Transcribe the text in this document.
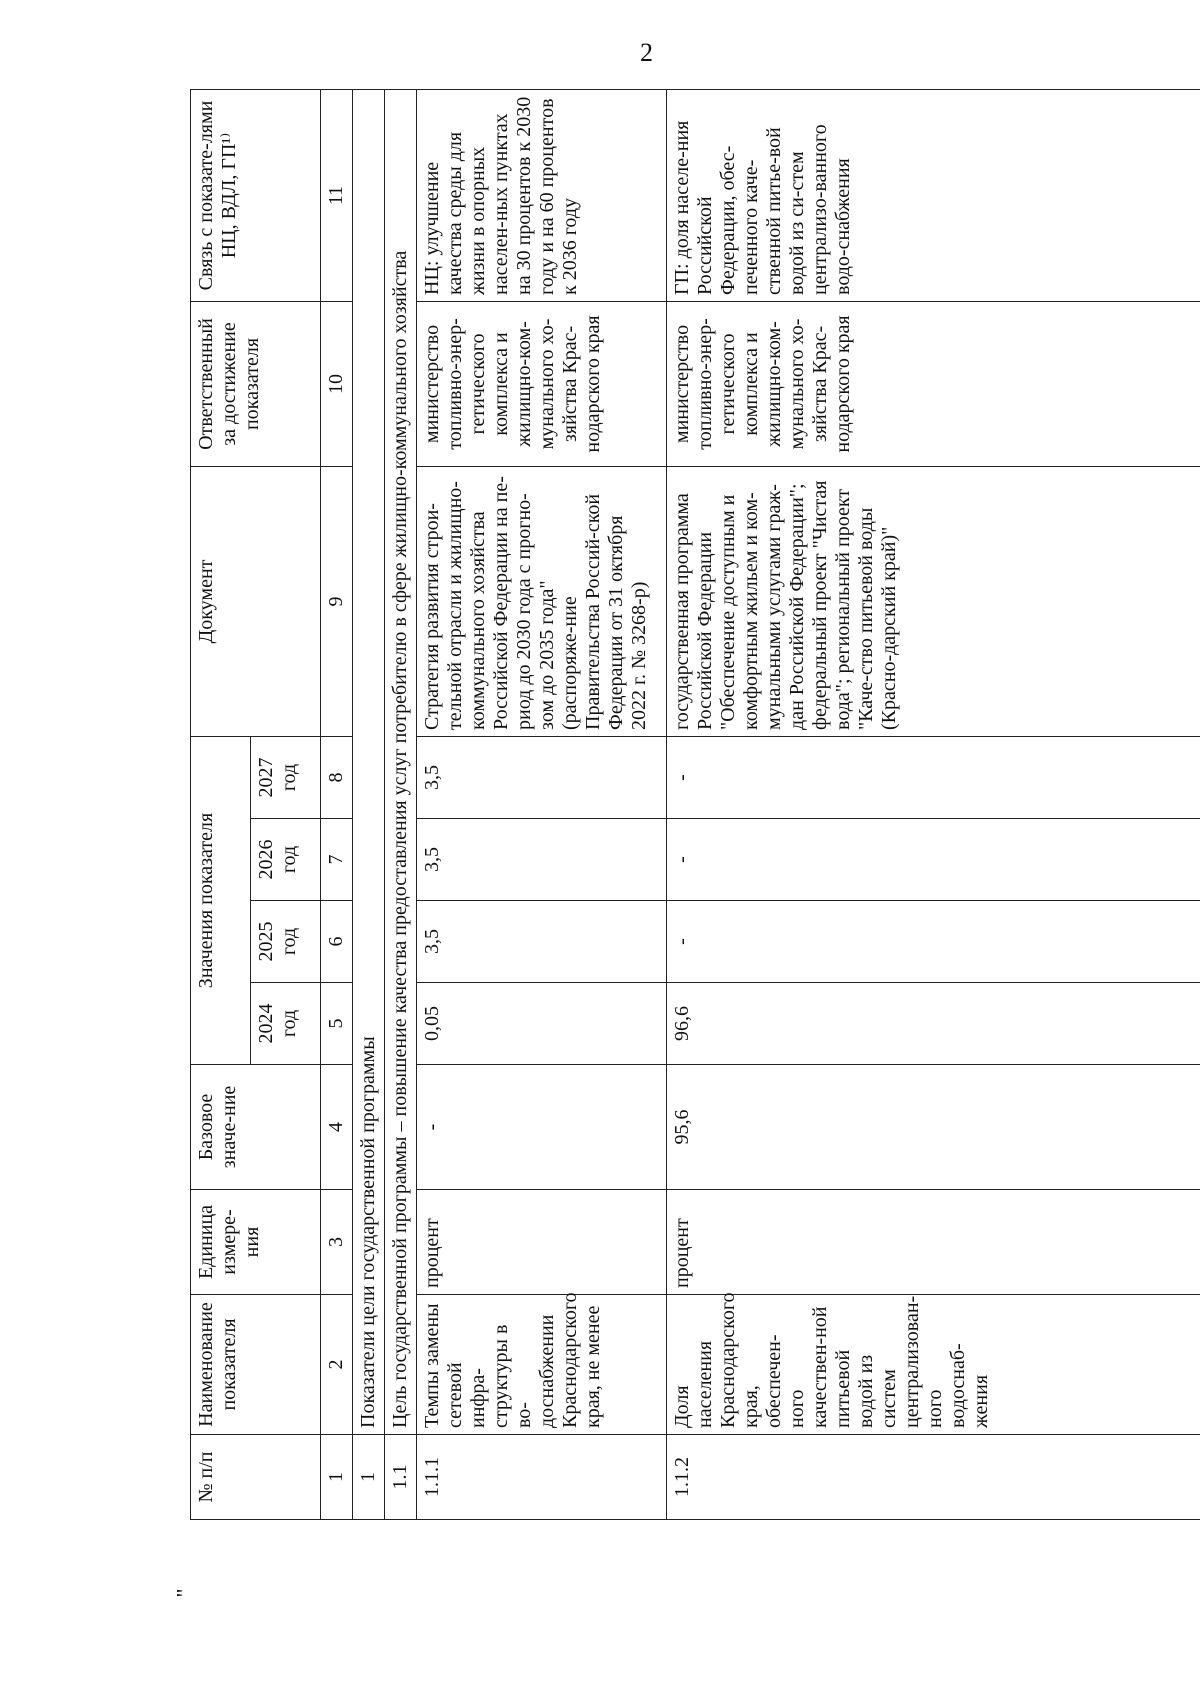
2
"
№ п/п	Наименование показателя	Единица измере-ния	Базовое значе-ние	Значения показателя				Документ	Ответственный за достижение показателя	Связь с показате-лями НЦ, ВДЛ, ГП¹⁾
				2024 год	2025 год	2026 год	2027 год			
1	2	3	4	5	6	7	8	9	10	11
1	Показатели цели государственной программы									
1.1	Цель государственной программы – повышение качества предоставления услуг потребителю в сфере жилищно-коммунального хозяйства									
1.1.1	Темпы замены сетевой инфра-структуры в во-доснабжении Краснодарского края, не менее	процент	-	0,05	3,5	3,5	3,5	Стратегия развития строи-тельной отрасли и жилищно-коммунального хозяйства Российской Федерации на пе-риод до 2030 года с прогно-зом до 2035 года" (распоряже-ние Правительства Россий-ской Федерации от 31 октября 2022 г. № 3268-р)	министерство топливно-энер-гетического комплекса и жилищно-ком-мунального хо-зяйства Крас-нодарского края	НЦ: улучшение качества среды для жизни в опорных населен-ных пунктах на 30 процентов к 2030 году и на 60 процентов к 2036 году
1.1.2	Доля населения Краснодарского края, обеспечен-ного качествен-ной питьевой водой из систем централизован-ного водоснаб-жения	процент	95,6	96,6	-	-	-	государственная программа Российской Федерации "Обеспечение доступным и комфортным жильем и ком-мунальными услугами граж-дан Российской Федерации"; федеральный проект "Чистая вода"; региональный проект "Каче-ство питьевой воды (Красно-дарский край)"	министерство топливно-энер-гетического комплекса и жилищно-ком-мунального хо-зяйства Крас-нодарского края	ГП: доля населе-ния Российской Федерации, обес-печенного каче-ственной питье-вой водой из си-стем централизо-ванного водо-снабжения
